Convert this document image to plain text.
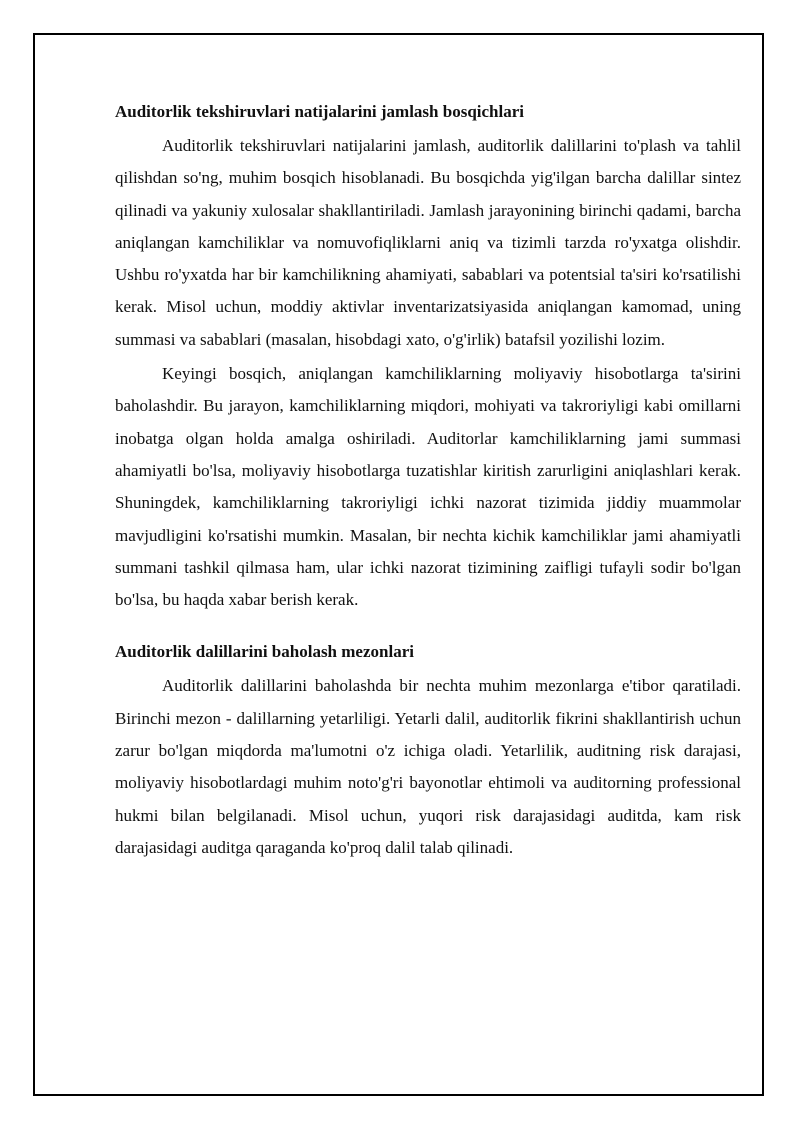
Auditorlik tekshiruvlari natijalarini jamlash bosqichlari

Auditorlik tekshiruvlari natijalarini jamlash, auditorlik dalillarini to'plash va tahlil qilishdan so'ng, muhim bosqich hisoblanadi. Bu bosqichda yig'ilgan barcha dalillar sintez qilinadi va yakuniy xulosalar shakllantiriladi. Jamlash jarayonining birinchi qadami, barcha aniqlangan kamchiliklar va nomuvofiqliklarni aniq va tizimli tarzda ro'yxatga olishdir. Ushbu ro'yxatda har bir kamchilikning ahamiyati, sabablari va potentsial ta'siri ko'rsatilishi kerak. Misol uchun, moddiy aktivlar inventarizatsiyasida aniqlangan kamomad, uning summasi va sabablari (masalan, hisobdagi xato, o'g'irlik) batafsil yozilishi lozim.

Keyingi bosqich, aniqlangan kamchiliklarning moliyaviy hisobotlarga ta'sirini baholashdir. Bu jarayon, kamchiliklarning miqdori, mohiyati va takroriyligi kabi omillarni inobatga olgan holda amalga oshiriladi. Auditorlar kamchiliklarning jami summasi ahamiyatli bo'lsa, moliyaviy hisobotlarga tuzatishlar kiritish zarurligini aniqlashlari kerak. Shuningdek, kamchiliklarning takroriyligi ichki nazorat tizimida jiddiy muammolar mavjudligini ko'rsatishi mumkin. Masalan, bir nechta kichik kamchiliklar jami ahamiyatli summani tashkil qilmasa ham, ular ichki nazorat tizimining zaifligi tufayli sodir bo'lgan bo'lsa, bu haqda xabar berish kerak.

Auditorlik dalillarini baholash mezonlari

Auditorlik dalillarini baholashda bir nechta muhim mezonlarga e'tibor qaratiladi. Birinchi mezon - dalillarning yetarliligi. Yetarli dalil, auditorlik fikrini shakllantirish uchun zarur bo'lgan miqdorda ma'lumotni o'z ichiga oladi. Yetarlilik, auditning risk darajasi, moliyaviy hisobotlardagi muhim noto'g'ri bayonotlar ehtimoli va auditorning professional hukmi bilan belgilanadi. Misol uchun, yuqori risk darajasidagi auditda, kam risk darajasidagi auditga qaraganda ko'proq dalil talab qilinadi.
